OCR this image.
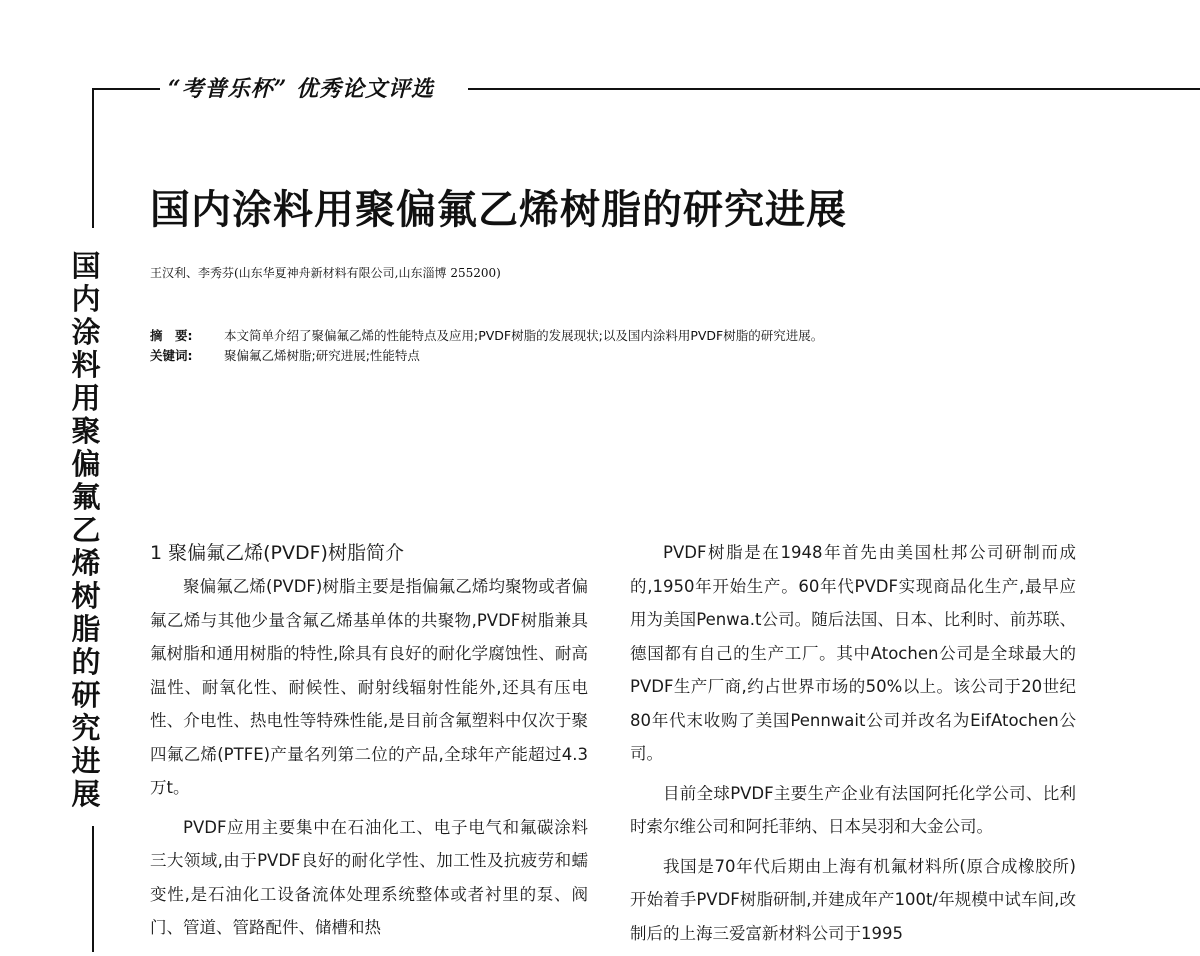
“考普乐杯” 优秀论文评选
国内涂料用聚偏氟乙烯树脂的研究进展
国内涂料用聚偏氟乙烯树脂的研究进展
王汉利、李秀芬(山东华夏神舟新材料有限公司,山东淄博 255200)
摘　要:	本文简单介绍了聚偏氟乙烯的性能特点及应用;PVDF树脂的发展现状;以及国内涂料用PVDF树脂的研究进展。
关键词:	聚偏氟乙烯树脂;研究进展;性能特点
1 聚偏氟乙烯(PVDF)树脂简介

聚偏氟乙烯(PVDF)树脂主要是指偏氟乙烯均聚物或者偏氟乙烯与其他少量含氟乙烯基单体的共聚物,PVDF树脂兼具氟树脂和通用树脂的特性,除具有良好的耐化学腐蚀性、耐高温性、耐氧化性、耐候性、耐射线辐射性能外,还具有压电性、介电性、热电性等特殊性能,是目前含氟塑料中仅次于聚四氟乙烯(PTFE)产量名列第二位的产品,全球年产能超过4.3万t。

PVDF应用主要集中在石油化工、电子电气和氟碳涂料三大领域,由于PVDF良好的耐化学性、加工性及抗疲劳和蠕变性,是石油化工设备流体处理系统整体或者衬里的泵、阀门、管道、管路配件、储槽和热

PVDF树脂是在1948年首先由美国杜邦公司研制而成的,1950年开始生产。60年代PVDF实现商品化生产,最早应用为美国Penwa.t公司。随后法国、日本、比利时、前苏联、德国都有自己的生产工厂。其中Atochen公司是全球最大的PVDF生产厂商,约占世界市场的50%以上。该公司于20世纪80年代末收购了美国Pennwait公司并改名为EifAtochen公司。

目前全球PVDF主要生产企业有法国阿托化学公司、比利时索尔维公司和阿托菲纳、日本吴羽和大金公司。

我国是70年代后期由上海有机氟材料所(原合成橡胶所)开始着手PVDF树脂研制,并建成年产100t/年规模中试车间,改制后的上海三爱富新材料公司于1995
